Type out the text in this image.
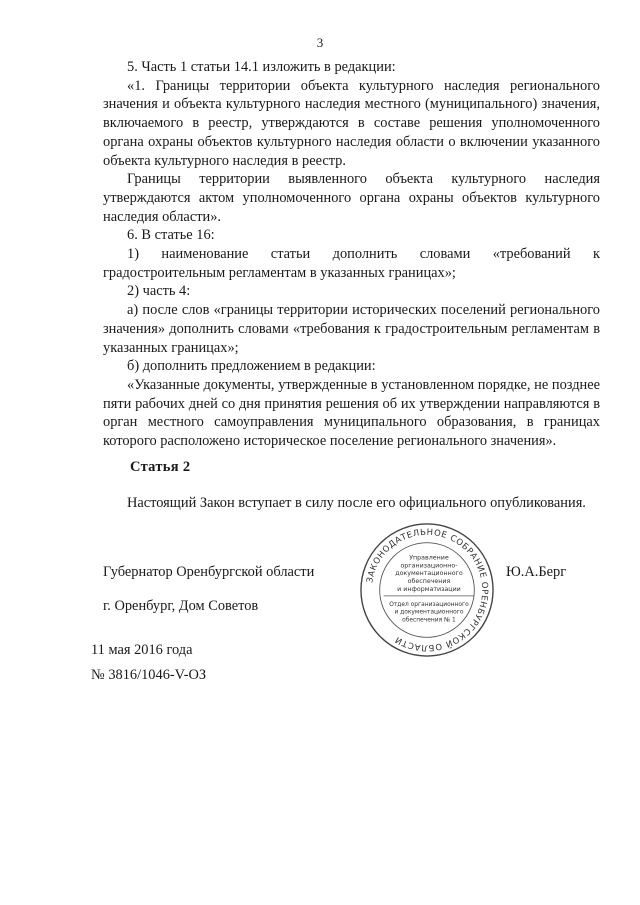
3

5. Часть 1 статьи 14.1 изложить в редакции:

«1. Границы территории объекта культурного наследия регионального значения и объекта культурного наследия местного (муниципального) значения, включаемого в реестр, утверждаются в составе решения уполномоченного органа охраны объектов культурного наследия области о включении указанного объекта культурного наследия в реестр.

Границы территории выявленного объекта культурного наследия утверждаются актом уполномоченного органа охраны объектов культурного наследия области».

6. В статье 16:

1) наименование статьи дополнить словами «требований к градостроительным регламентам в указанных границах»;

2) часть 4:

а) после слов «границы территории исторических поселений регионального значения» дополнить словами «требования к градостроительным регламентам в указанных границах»;

б) дополнить предложением в редакции:

«Указанные документы, утвержденные в установленном порядке, не позднее пяти рабочих дней со дня принятия решения об их утверждении направляются в орган местного самоуправления муниципального образования, в границах которого расположено историческое поселение регионального значения».

Статья 2

Настоящий Закон вступает в силу после его официального опубликования.

Губернатор Оренбургской области	Ю.А.Берг
г. Оренбург, Дом Советов
11 мая 2016 года
№ 3816/1046-V-ОЗ
ЗАКОНОДАТЕЛЬНОЕ СОБРАНИЕ ОРЕНБУРГСКОЙ ОБЛАСТИ
Управление
организационно-
документационного
обеспечения
и информатизации
Отдел организационного
и документационного
обеспечения № 1
